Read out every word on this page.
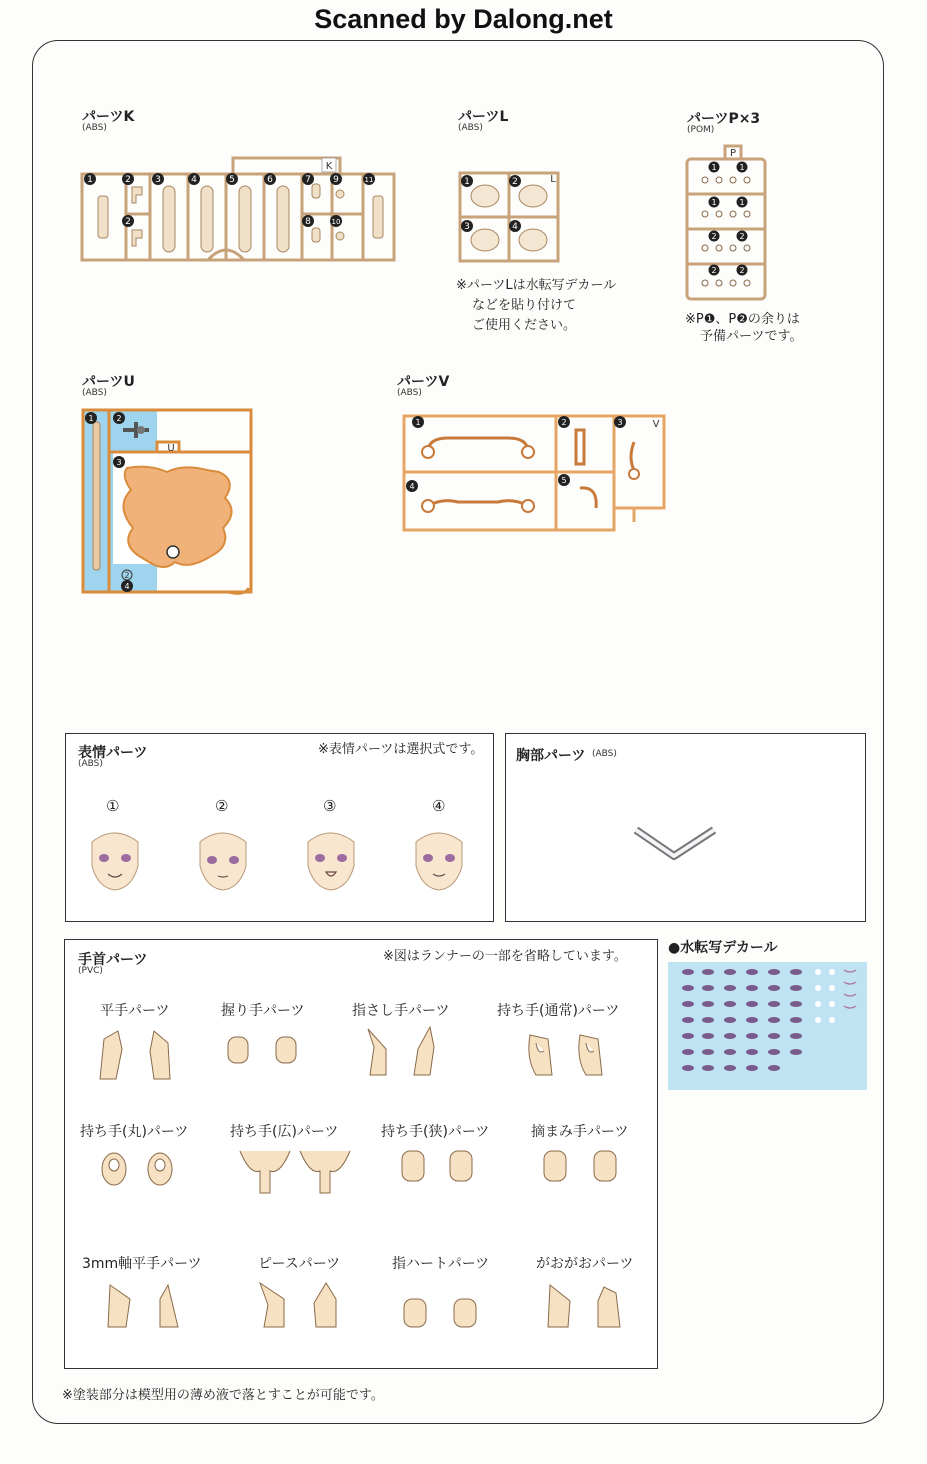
Scanned by Dalong.net
パーツK
(ABS)
K
1	2
2
3	4	5	6	7
8
9
10
11
パーツL
(ABS)
L
1	2
3	4
※パーツLは水転写デカール
などを貼り付けて
ご使用ください。
パーツP×3
(POM)
P
1	1
1	1
2	2
2	2
※P❶、P❷の余りは
予備パーツです。
パーツU
(ABS)
U
1	2
3
2
4
パーツV
(ABS)
V
1	2	3
4
5
表情パーツ
(ABS)
※表情パーツは選択式です。
①	②	③	④
胸部パーツ (ABS)
手首パーツ
(PVC)
※図はランナーの一部を省略しています。
平手パーツ	握り手パーツ	指さし手パーツ	持ち手(通常)パーツ
持ち手(丸)パーツ	持ち手(広)パーツ	持ち手(狭)パーツ	摘まみ手パーツ
3mm軸平手パーツ	ピースパーツ	指ハートパーツ	がおがおパーツ
●水転写デカール
※塗装部分は模型用の薄め液で落とすことが可能です。
